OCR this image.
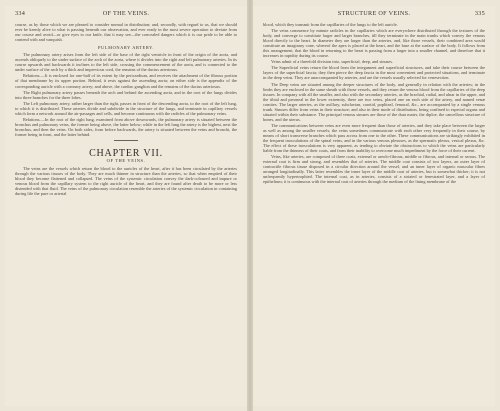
334	OF THE VEINS.

course, as by those which we are pleased to consider normal in distribution; and, secondly, with regard to us, that we should ever be keenly alive to what is passing beneath our observation, and ever ready in the most severe operation to deviate from our course and avoid—or give eyes to our knife, that it may see—the concealed dangers which it is our pride to be able to contend with and vanquish.

PULMONARY ARTERY.

The pulmonary artery arises from the left side of the base of the right ventricle in front of the origin of the aorta, and ascends obliquely to the under surface of the arch of the aorta, where it divides into the right and left pulmonary arteries. In its course upwards and backwards it inclines to the left side, crossing the commencement of the aorta, and is connected to the under surface of the arch by a thick and impervious cord, the remains of the ductus arteriosus.

Relations.—It is enclosed for one-half of its extent by the pericardium, and receives the attachment of the fibrous portion of that membrane by its upper portion. Behind, it rests against the ascending aorta; on either side is the appendix of the corresponding auricle with a coronary artery; and above, the cardiac ganglion and the remains of the ductus arteriosus.

The Right pulmonary artery passes beneath the arch and behind the ascending aorta, and in the root of the lungs divides into three branches for the three lobes.

The Left pulmonary artery, rather larger than the right, passes in front of the descending aorta, to the root of the left lung, to which it is distributed. These arteries divide and subdivide in the structure of the lungs, and terminate in capillary vessels which form a network around the air-passages and cells, and become continuous with the radicles of the pulmonary veins.

Relations.—In the root of the right lung, examined from above downwards, the pulmonary artery is situated between the bronchus and pulmonary veins, the former being above, the latter below; while in the left lung the artery is the highest, next the bronchus, and then the veins. On both sides, from before backwards, the artery is situated between the veins and bronchi, the former being in front, and the latter behind.

CHAPTER VII.
OF THE VEINS.

The veins are the vessels which return the blood to the auricles of the heart, after it has been circulated by the arteries through the various tissues of the body. They are much thinner in structure than the arteries, so that when emptied of their blood they become flattened and collapsed. The veins of the systemic circulation convey the dark-coloured and impure or venous blood from the capillary system to the right auricle of the heart, and they are found after death to be more or less distended with that fluid. The veins of the pulmonary circulation resemble the arteries of the systemic circulation in containing during life the pure or arterial

STRUCTURE OF VEINS.	335

blood, which they transmit from the capillaries of the lungs to the left auricle.

The veins commence by minute radicles in the capillaries which are everywhere distributed through the textures of the body, and converge to constitute larger and larger branches, till they terminate in the main trunks which convey the venous blood directly to the heart. In diameter they are larger than the arteries, and, like those vessels, their combined area would constitute an imaginary cone, whereof the apex is placed at the heart, and the base at the surface of the body. It follows from this arrangement, that the blood in returning to the heart is passing from a larger into a smaller channel, and therefore that it increases in rapidity during its course.

Veins admit of a threefold division into, superficial, deep, and sinuses.

The Superficial veins return the blood from the integument and superficial structures, and take their course between the layers of the superficial fascia; they then pierce the deep fascia in the most convenient and protected situations, and terminate in the deep veins. They are unaccompanied by arteries, and are the vessels usually selected for venesection.

The Deep veins are situated among the deeper structures of the body, and generally in relation with the arteries; in the limbs they are enclosed in the same sheath with those vessels, and they return the venous blood from the capillaries of the deep tissues. In company with all the smaller, and also with the secondary arteries, as the brachial, radial, and ulnar in the upper, and the tibial and peroneal in the lower extremity, there are two veins, placed one on each side of the artery, and named venæ comites. The larger arteries, as the axillary, subclavian, carotid, popliteal, femoral, &c., are accompanied by a single venous trunk. Sinuses differ from veins in their structure; and also in their mode of distribution, being confined to especial organs and situated within their substance. The principal venous sinuses are those of the dura mater, the diploe, the cancellous structure of bones, and the uterus.

The communications between veins are even more frequent than those of arteries, and they take place between the larger as well as among the smaller vessels; the veins sometimes communicate with each other very frequently in their course, by means of short transverse branches which pass across from one to the other. These communications are strikingly exhibited in the frequent inosculations of the spinal veins, and in the various venous plexuses, as the spermatic plexus, vesical plexus, &c. The effect of these inosculations is very apparent, as tending to obviate the obstructions to which the veins are particularly liable from the thinness of their coats, and from their inability to overcome much impediment by the force of their current.

Veins, like arteries, are composed of three coats, external or areolo-fibrous, middle or fibrous, and internal or serous. The external coat is firm and strong, and resembles that of arteries. The middle coat consists of two layers, an outer layer of contractile fibrous tissue disposed in a circular direction around the vessel, and an inner layer of organic muscular fibres arranged longitudinally. This latter resembles the inner layer of the middle coat of arteries, but is somewhat thicker; it is not unfrequently hypertrophied. The internal coat, as in arteries, consists of a striated or fenestrated layer, and a layer of epithelium; it is continuous with the internal coat of arteries through the medium of the lining membrane of the
